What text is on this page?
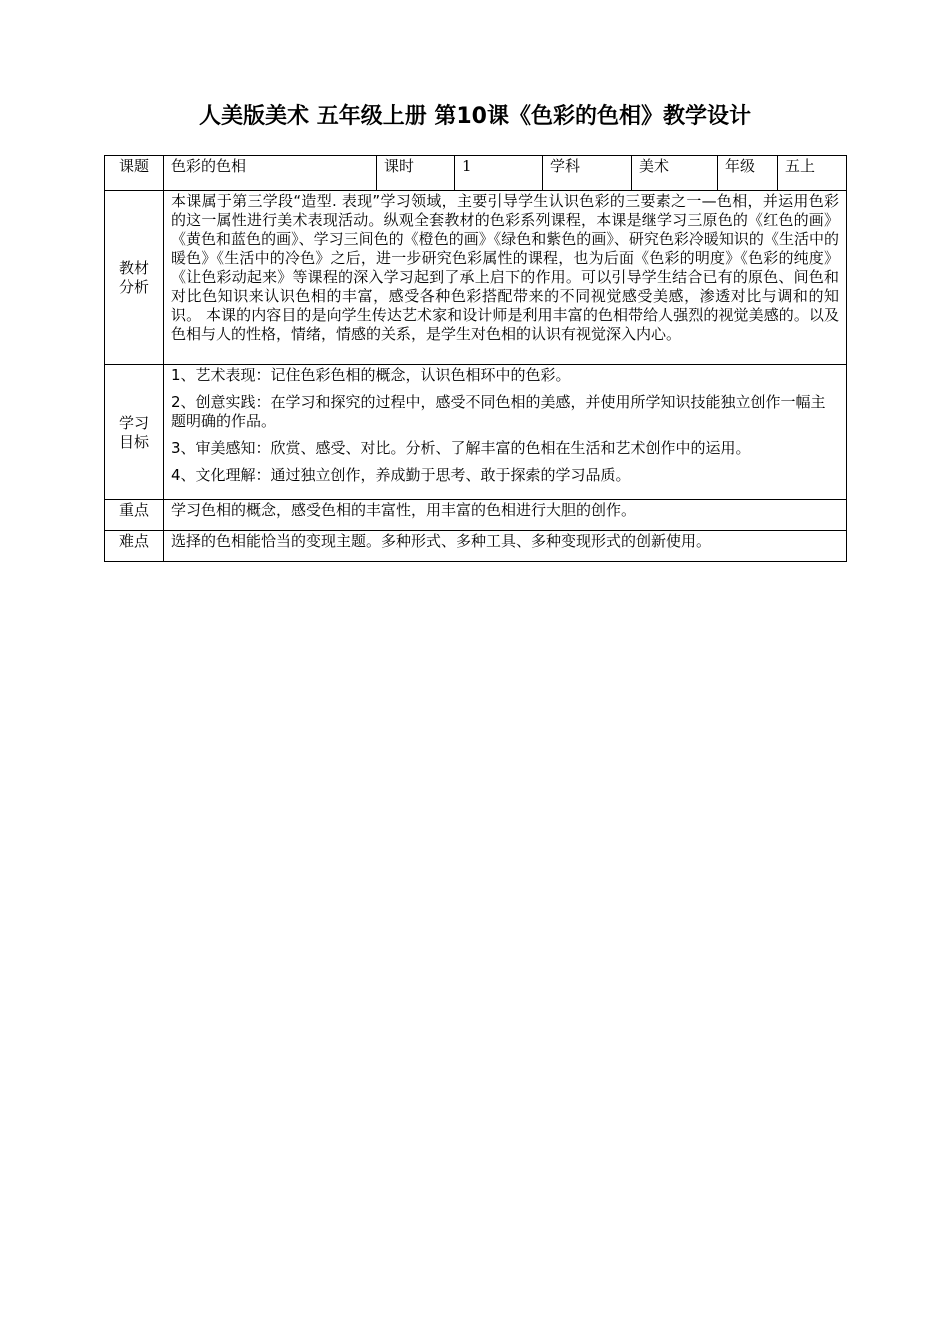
人美版美术 五年级上册 第10课《色彩的色相》教学设计
课题	色彩的色相	课时	1	学科	美术	年级	五上
教材分析	本课属于第三学段“造型. 表现”学习领域，主要引导学生认识色彩的三要素之一—色相，并运用色彩的这一属性进行美术表现活动。纵观全套教材的色彩系列课程，本课是继学习三原色的《红色的画》《黄色和蓝色的画》、学习三间色的《橙色的画》《绿色和紫色的画》、研究色彩冷暖知识的《生活中的暖色》《生活中的冷色》之后，进一步研究色彩属性的课程，也为后面《色彩的明度》《色彩的纯度》《让色彩动起来》等课程的深入学习起到了承上启下的作用。可以引导学生结合已有的原色、间色和对比色知识来认识色相的丰富，感受各种色彩搭配带来的不同视觉感受美感，渗透对比与调和的知识。 本课的内容目的是向学生传达艺术家和设计师是利用丰富的色相带给人强烈的视觉美感的。以及色相与人的性格，情绪，情感的关系，是学生对色相的认识有视觉深入内心。						
学习目标	1、艺术表现：记住色彩色相的概念，认识色相环中的色彩。

2、创意实践：在学习和探究的过程中，感受不同色相的美感，并使用所学知识技能独立创作一幅主题明确的作品。

3、审美感知：欣赏、感受、对比。分析、了解丰富的色相在生活和艺术创作中的运用。

4、文化理解：通过独立创作，养成勤于思考、敢于探索的学习品质。						

重点	学习色相的概念，感受色相的丰富性，用丰富的色相进行大胆的创作。						
难点	选择的色相能恰当的变现主题。多种形式、多种工具、多种变现形式的创新使用。						
